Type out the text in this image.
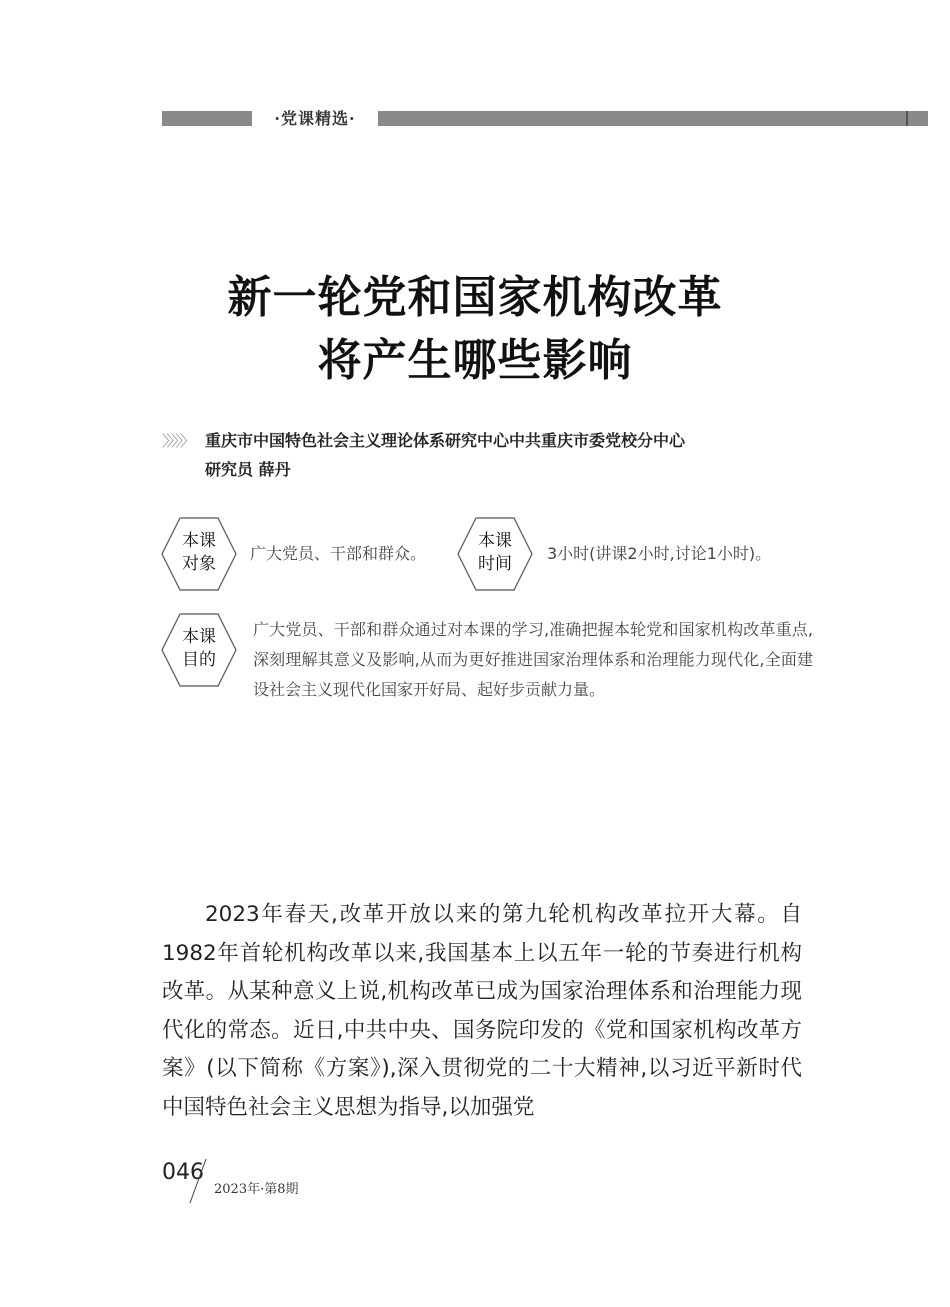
·党课精选·
新一轮党和国家机构改革
将产生哪些影响
〉〉〉〉〉 重庆市中国特色社会主义理论体系研究中心中共重庆市委党校分中心
研究员 薛丹
本课
对象
广大党员、干部和群众。
本课
时间
3小时(讲课2小时,讨论1小时)。
本课
目的
广大党员、干部和群众通过对本课的学习,准确把握本轮党和国家机构改革重点,深刻理解其意义及影响,从而为更好推进国家治理体系和治理能力现代化,全面建设社会主义现代化国家开好局、起好步贡献力量。
2023年春天,改革开放以来的第九轮机构改革拉开大幕。自1982年首轮机构改革以来,我国基本上以五年一轮的节奏进行机构改革。从某种意义上说,机构改革已成为国家治理体系和治理能力现代化的常态。近日,中共中央、国务院印发的《党和国家机构改革方案》(以下简称《方案》),深入贯彻党的二十大精神,以习近平新时代中国特色社会主义思想为指导,以加强党
046
2023年·第8期
